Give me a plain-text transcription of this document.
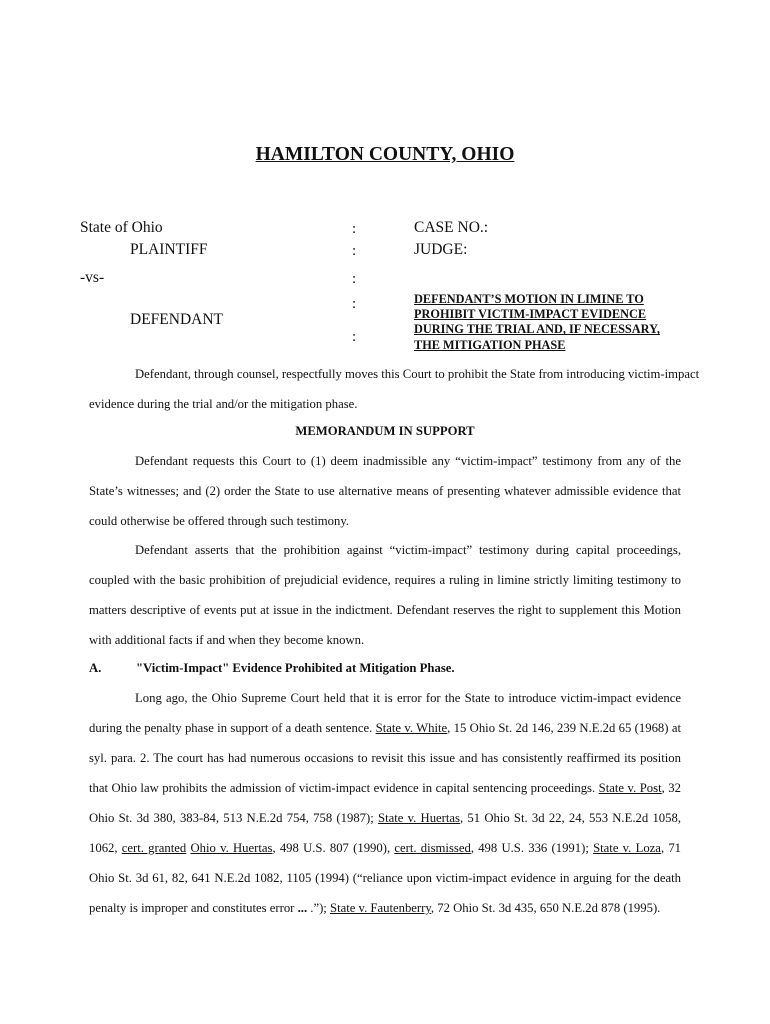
HAMILTON COUNTY, OHIO
State of Ohio
PLAINTIFF
-vs-
DEFENDANT
:
:
:
:
:
CASE NO.:
JUDGE:
DEFENDANT’S MOTION IN LIMINE TO
PROHIBIT VICTIM-IMPACT EVIDENCE
DURING THE TRIAL AND, IF NECESSARY,
THE MITIGATION PHASE
Defendant, through counsel, respectfully moves this Court to prohibit the State from introducing victim-impact
evidence during the trial and/or the mitigation phase.
MEMORANDUM IN SUPPORT
Defendant requests this Court to (1) deem inadmissible any “victim-impact” testimony from any of the
State’s witnesses; and (2) order the State to use alternative means of presenting whatever admissible evidence that
could otherwise be offered through such testimony.
Defendant asserts that the prohibition against “victim-impact” testimony during capital proceedings,
coupled with the basic prohibition of prejudicial evidence, requires a ruling in limine strictly limiting testimony to
matters descriptive of events put at issue in the indictment. Defendant reserves the right to supplement this Motion
with additional facts if and when they become known.
A.	"Victim-Impact" Evidence Prohibited at Mitigation Phase.
Long ago, the Ohio Supreme Court held that it is error for the State to introduce victim-impact evidence
during the penalty phase in support of a death sentence. State v. White, 15 Ohio St. 2d 146, 239 N.E.2d 65 (1968) at
syl. para. 2. The court has had numerous occasions to revisit this issue and has consistently reaffirmed its position
that Ohio law prohibits the admission of victim-impact evidence in capital sentencing proceedings. State v. Post, 32
Ohio St. 3d 380, 383-84, 513 N.E.2d 754, 758 (1987); State v. Huertas, 51 Ohio St. 3d 22, 24, 553 N.E.2d 1058,
1062, cert. granted Ohio v. Huertas, 498 U.S. 807 (1990), cert. dismissed, 498 U.S. 336 (1991); State v. Loza, 71
Ohio St. 3d 61, 82, 641 N.E.2d 1082, 1105 (1994) (“reliance upon victim-impact evidence in arguing for the death
penalty is improper and constitutes error ... .”); State v. Fautenberry, 72 Ohio St. 3d 435, 650 N.E.2d 878 (1995).
